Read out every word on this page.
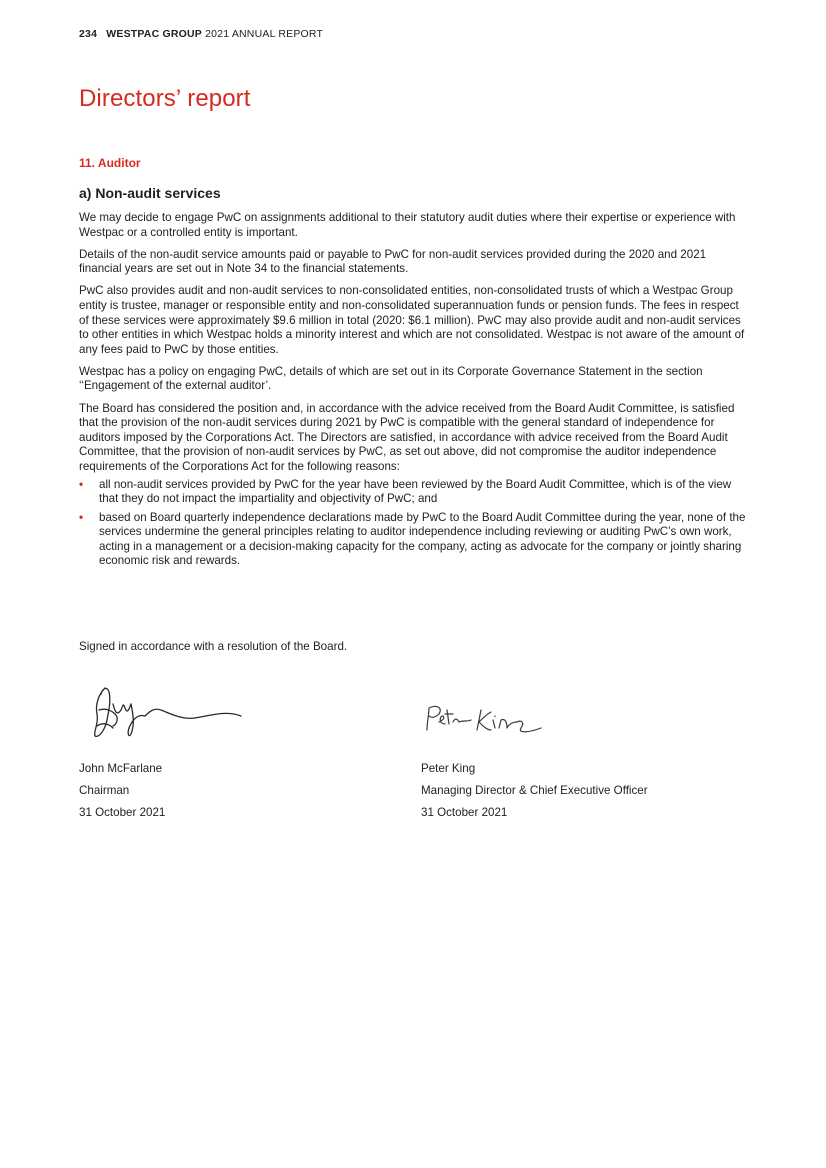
234 WESTPAC GROUP 2021 ANNUAL REPORT
Directors’ report
11. Auditor
a) Non-audit services

We may decide to engage PwC on assignments additional to their statutory audit duties where their expertise or experience with Westpac or a controlled entity is important.

Details of the non-audit service amounts paid or payable to PwC for non-audit services provided during the 2020 and 2021 financial years are set out in Note 34 to the financial statements.

PwC also provides audit and non-audit services to non-consolidated entities, non-consolidated trusts of which a Westpac Group entity is trustee, manager or responsible entity and non-consolidated superannuation funds or pension funds. The fees in respect of these services were approximately $9.6 million in total (2020: $6.1 million). PwC may also provide audit and non-audit services to other entities in which Westpac holds a minority interest and which are not consolidated. Westpac is not aware of the amount of any fees paid to PwC by those entities.

Westpac has a policy on engaging PwC, details of which are set out in its Corporate Governance Statement in the section ‘‘Engagement of the external auditor’.

The Board has considered the position and, in accordance with the advice received from the Board Audit Committee, is satisfied that the provision of the non-audit services during 2021 by PwC is compatible with the general standard of independence for auditors imposed by the Corporations Act. The Directors are satisfied, in accordance with advice received from the Board Audit Committee, that the provision of non-audit services by PwC, as set out above, did not compromise the auditor independence requirements of the Corporations Act for the following reasons:

• all non-audit services provided by PwC for the year have been reviewed by the Board Audit Committee, which is of the view that they do not impact the impartiality and objectivity of PwC; and
• based on Board quarterly independence declarations made by PwC to the Board Audit Committee during the year, none of the services undermine the general principles relating to auditor independence including reviewing or auditing PwC’s own work, acting in a management or a decision-making capacity for the company, acting as advocate for the company or jointly sharing economic risk and rewards.
Signed in accordance with a resolution of the Board.
John McFarlane
Chairman
31 October 2021
Peter King
Managing Director & Chief Executive Officer
31 October 2021
